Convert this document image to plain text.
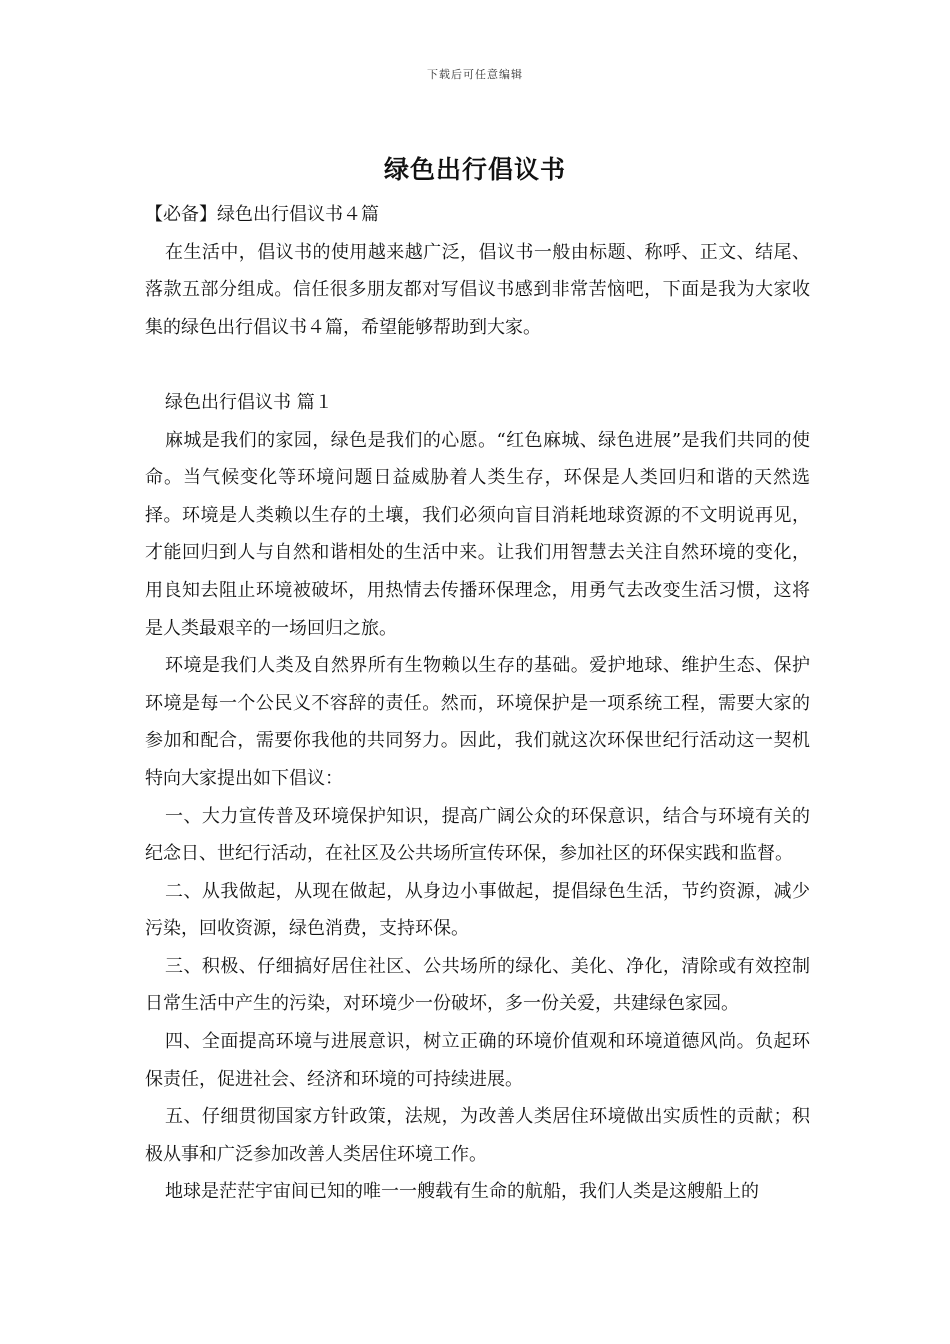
下载后可任意编辑
绿色出行倡议书

【必备】绿色出行倡议书４篇

在生活中，倡议书的使用越来越广泛，倡议书一般由标题、称呼、正文、结尾、落款五部分组成。信任很多朋友都对写倡议书感到非常苦恼吧，下面是我为大家收集的绿色出行倡议书４篇，希望能够帮助到大家。

绿色出行倡议书 篇１

麻城是我们的家园，绿色是我们的心愿。“红色麻城、绿色进展”是我们共同的使命。当气候变化等环境问题日益威胁着人类生存，环保是人类回归和谐的天然选择。环境是人类赖以生存的土壤，我们必须向盲目消耗地球资源的不文明说再见，才能回归到人与自然和谐相处的生活中来。让我们用智慧去关注自然环境的变化，用良知去阻止环境被破坏，用热情去传播环保理念，用勇气去改变生活习惯，这将是人类最艰辛的一场回归之旅。

环境是我们人类及自然界所有生物赖以生存的基础。爱护地球、维护生态、保护环境是每一个公民义不容辞的责任。然而，环境保护是一项系统工程，需要大家的参加和配合，需要你我他的共同努力。因此，我们就这次环保世纪行活动这一契机特向大家提出如下倡议：

一、大力宣传普及环境保护知识，提高广阔公众的环保意识，结合与环境有关的纪念日、世纪行活动，在社区及公共场所宣传环保，参加社区的环保实践和监督。

二、从我做起，从现在做起，从身边小事做起，提倡绿色生活，节约资源，减少污染，回收资源，绿色消费，支持环保。

三、积极、仔细搞好居住社区、公共场所的绿化、美化、净化，清除或有效控制日常生活中产生的污染，对环境少一份破坏，多一份关爱，共建绿色家园。

四、全面提高环境与进展意识，树立正确的环境价值观和环境道德风尚。负起环保责任，促进社会、经济和环境的可持续进展。

五、仔细贯彻国家方针政策，法规，为改善人类居住环境做出实质性的贡献；积极从事和广泛参加改善人类居住环境工作。

地球是茫茫宇宙间已知的唯一一艘载有生命的航船，我们人类是这艘船上的
